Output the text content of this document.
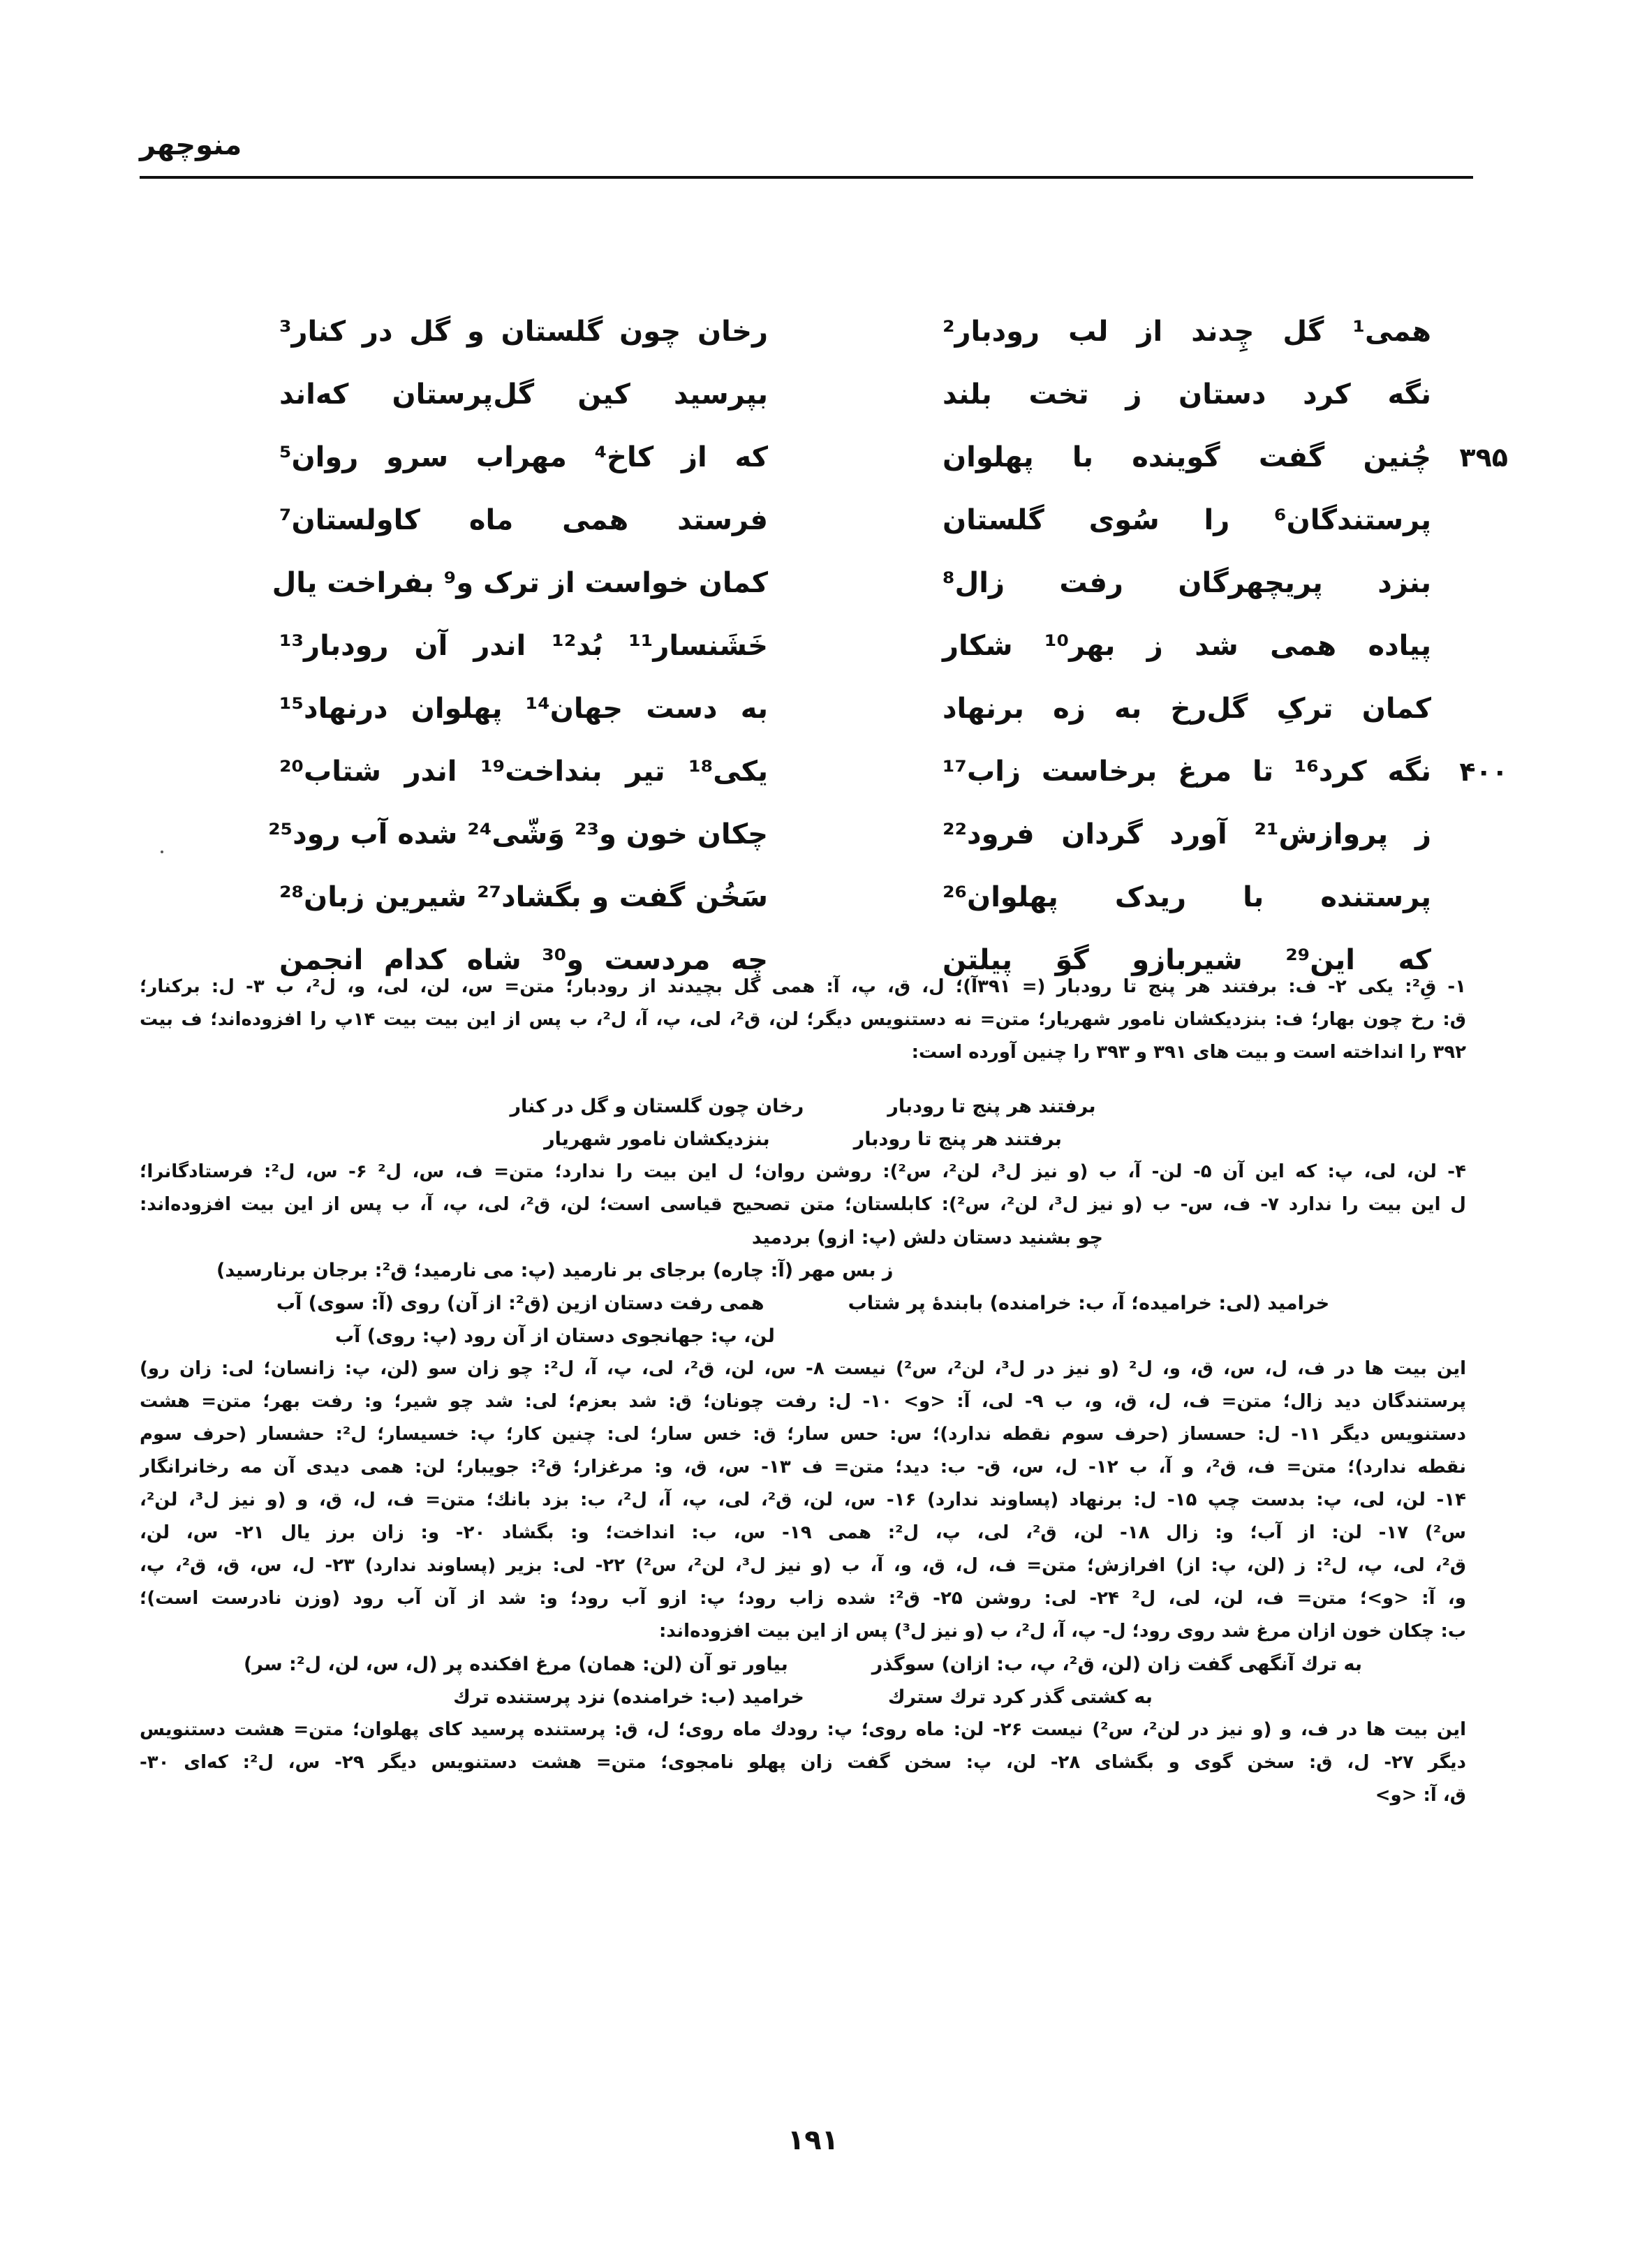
منوچهر
همی¹ گل چِدند از لب رودبار²
رخان چون گلستان و گل در کنار³
نگه کرد دستان ز تخت بلند
بپرسید کین گل‌پرستان که‌اند
۳۹۵
چُنین گفت گوینده با پهلوان
که از کاخ⁴ مهراب سرو روان⁵
پرستندگان⁶ را سُوی گلستان
فرستد همی ماه کاولستان⁷
بنزد پریچهرگان رفت زال⁸
کمان خواست از ترک و⁹ بفراخت یال
پیاده همی شد ز بهر¹⁰ شکار
خَشَنسار¹¹ بُد¹² اندر آن رودبار¹³
کمان ترکِ گل‌رخ به زه برنهاد
به دست جهان¹⁴ پهلوان درنهاد¹⁵
۴۰۰
نگه کرد¹⁶ تا مرغ برخاست زاب¹⁷
یکی¹⁸ تیر بنداخت¹⁹ اندر شتاب²⁰
ز پروازش²¹ آورد گردان فرود²²
چکان خون و²³ وَشّی²⁴ شده آب رود²⁵
پرستنده با ریدک پهلوان²⁶
سَخُن گفت و بگشاد²⁷ شیرین زبان²⁸
که این²⁹ شیربازو گوَ پیلتن
چه مردست و³⁰ شاه کدام انجمن
۱- قِ²: یکی ۲- ف: برفتند هر پنج تا رودبار (= ۳۹۱آ)؛ ل، ق، پ، آ: همی گل بچیدند از رودبار؛ متن= س، لن، لی، و، ل²، ب ۳- ل: برکنار؛
ق: رخ چون بهار؛ ف: بنزدیکشان نامور شهریار؛ متن= نه دستنویس دیگر؛ لن، ق²، لی، پ، آ، ل²، ب پس از این بیت بیت ۱۴پ را افزوده‌اند؛ ف بیت
۳۹۲ را انداخته است و بیت های ۳۹۱ و ۳۹۳ را چنین آورده است:
برفتند هر پنج تا رودبار
رخان چون گلستان و گل در کنار
برفتند هر پنج تا رودبار
بنزدیکشان نامور شهریار
۴- لن، لی، پ: که این آن ۵- لن- آ، ب (و نیز ل³، لن²، س²): روشن روان؛ ل این بیت را ندارد؛ متن= ف، س، ل² ۶- س، ل²: فرستادگانرا؛
ل این بیت را ندارد ۷- ف، س- ب (و نیز ل³، لن²، س²): کابلستان؛ متن تصحیح قیاسی است؛ لن، ق²، لی، پ، آ، ب پس از این بیت افزوده‌اند:
چو بشنید دستان دلش (پ: ازو) بردمید
ز بس مهر (آ: چاره) برجای بر نارمید (پ: می نارمید؛ ق²: برجان برنارسید)
خرامید (لی: خرامیده؛ آ، ب: خرامنده) بابندهٔ پر شتاب
همی رفت دستان ازین (ق²: از آن) روی (آ: سوی) آب
لن، پ: جهانجوی دستان از آن رود (پ: روی) آب
این بیت ها در ف، ل، س، ق، و، ل² (و نیز در ل³، لن²، س²) نیست ۸- س، لن، ق²، لی، پ، آ، ل²: چو زان سو (لن، پ: زانسان؛ لی: زان رو)
پرستندگان دید زال؛ متن= ف، ل، ق، و، ب ۹- لی، آ: <و> ۱۰- ل: رفت چونان؛ ق: شد بعزم؛ لی: شد چو شیر؛ و: رفت بهر؛ متن= هشت
دستنویس دیگر ۱۱- ل: حسساز (حرف سوم نقطه ندارد)؛ س: حس سار؛ ق: خس سار؛ لی: چنین کار؛ پ: خسیسار؛ ل²: حشسار (حرف سوم
نقطه ندارد)؛ متن= ف، ق²، و آ، ب ۱۲- ل، س، ق- ب: دید؛ متن= ف ۱۳- س، ق، و: مرغزار؛ ق²: جویبار؛ لن: همی دیدی آن مه رخانرانگار
۱۴- لن، لی، پ: بدست چپ ۱۵- ل: برنهاد (پساوند ندارد) ۱۶- س، لن، ق²، لی، پ، آ، ل²، ب: بزد بانك؛ متن= ف، ل، ق، و (و نیز ل³، لن²،
س²) ۱۷- لن: از آب؛ و: زال ۱۸- لن، ق²، لی، پ، ل²: همی ۱۹- س، ب: انداخت؛ و: بگشاد ۲۰- و: زان برز یال ۲۱- س، لن،
ق²، لی، پ، ل²: ز (لن، پ: از) افرازش؛ متن= ف، ل، ق، و، آ، ب (و نیز ل³، لن²، س²) ۲۲- لی: بزیر (پساوند ندارد) ۲۳- ل، س، ق، ق²، پ،
و، آ: <و>؛ متن= ف، لن، لی، ل² ۲۴- لی: روشن ۲۵- ق²: شده زاب رود؛ پ: ازو آب رود؛ و: شد از آن آب رود (وزن نادرست است)؛
ب: چکان خون ازان مرغ شد روی رود؛ ل- پ، آ، ل²، ب (و نیز ل³) پس از این بیت افزوده‌اند:
به ترك آنگهی گفت زان (لن، ق²، پ، ب: ازان) سوگذر
بیاور تو آن (لن: همان) مرغ افکنده پر (ل، س، لن، ل²: سر)
به کشتی گذر کرد ترك سترك
خرامید (ب: خرامنده) نزد پرستنده ترك
این بیت ها در ف، و (و نیز در لن²، س²) نیست ۲۶- لن: ماه روی؛ پ: رودك ماه روی؛ ل، ق: پرستنده پرسید کای پهلوان؛ متن= هشت دستنویس
دیگر ۲۷- ل، ق: سخن گوی و بگشای ۲۸- لن، پ: سخن گفت زان پهلو نامجوی؛ متن= هشت دستنویس دیگر ۲۹- س، ل²: که‌ای ۳۰-
ق، آ: <و>
۱۹۱
